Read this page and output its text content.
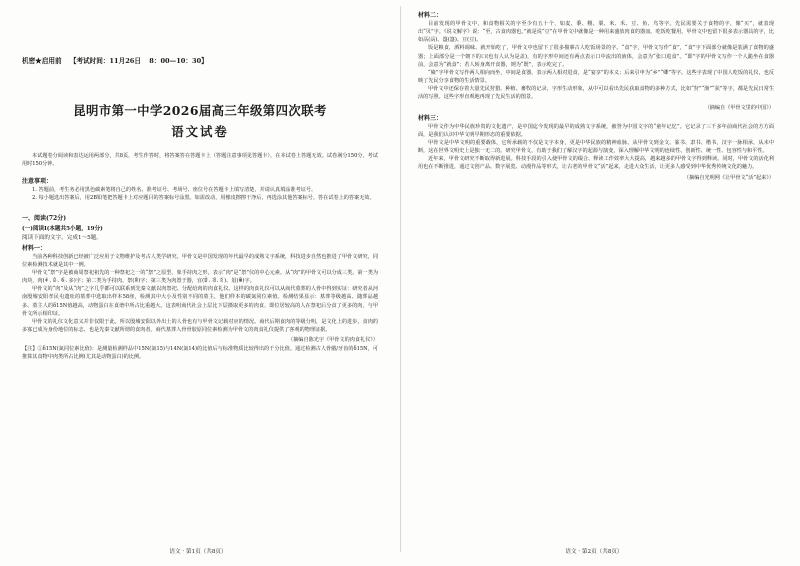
机密★启用前 【考试时间：11月26日 8：00—10：30】
昆明市第一中学2026届高三年级第四次联考
语文试卷

本试题卷分阅读和表达运用两部分，共8页，考生作答时，将答案答在答题卡上（答题注意事项见答题卡），在本试卷上答题无效。试卷满分150分，考试用时150分钟。

注意事项：

1. 答题前，考生务必用黑色碳素笔将自己的姓名、准考证号、考场号、座位号在答题卡上填写清楚，并请认真填涂准考证号。

2. 每小题选出答案后，用2B铅笔把答题卡上对应题目的答案标号涂黑。如需改动，用橡皮擦擦干净后，再选涂其他答案标号。答在试卷上的答案无效。

一、阅读(72分)
(一)阅读I(本题共5小题，19分)
阅读下面的文字，完成1～5题。
材料一：

当前各种科技创新已经被广泛应用于文物维护及考古人类学研究。甲骨文是中国发现的年代最早的成熟文字系统，科技进步自然也推进了甲骨文研究，同位素检测技术就是其中一例。

甲骨文“祭”字是被商周祭祀祖先的一种祭祀之一的“祭”之原型，象手持肉之形，表示“肉”是“祭”仪的中心元素。从“肉”的甲骨文可以分成三类。第一类为肉块，肉(ꈉ、ꉩ、ꊖ、多)字；第二类为手持肉，祭(ꋂ)字；第三类为肉置于器，宜(ꌁ、ꌃ、ꌅ)、俎(ꌆ)字。

甲骨文的“肉”及从“肉”之字几乎都可以联系到先秦文献以肉祭祀、分配给肉的肉食礼仪。这样的肉食礼仪可以从商代墓葬的人骨中得到实证：研究者从河南殷墟安阳孝民屯遗址的墓葬中选取出样本58座，检测其中大小及性别不同的墓主，他们样本的碳氮同位素值。检测结果显示：墓葬等级越高、随葬品越多、墓主人的δ15N值越高，动物蛋白在食谱中所占比重越大。这表明商代社会上层比下层摄取更多的肉食，即位居较高的人在祭祀后分食了更多的肉，与甲骨文所示相印证。

甲骨文的礼仪文化意义并非仅限于此。所以殷墟安阳以外出土的人骨也有与甲骨文记载对应的情况。商代后期食肉的等级分明，是文化上的进步，食肉的多寡已成为身份地位的标志，也是先秦文献所谓的食肉者。商代墓葬人骨骨胶原同位素检测为甲骨文的肉食礼仪提供了客观的物理证据。

（摘编自陈光宇《甲骨文的肉食礼仪》）

【注】①δ15N(氮同位素比值)：是测量检测样品中15N(氮15)与14N(氮14)的比值后与标准物质比较得出的千分比值。通过检测古人骨骼/牙齿的δ15N，可推算其食物中肉类所占比例(尤其是动物蛋白)的比例。

语文 · 第1页（共8页）
材料二：

目前发现的甲骨文中，和食物相关的字至少有五十个，如麦、黍、稷、粟、米、禾、豆、鱼、鸟等字。先民需要关于食物的字，像“买”，就表现出“贝”字。《说文解字》说：“至，古食肉器也。”就是说“豆”在甲骨文中就像是一种用来盛放肉食的器皿。吃饭吃餐用，甲骨文中也留下很多表示器具的字，比如鬲(鬲)、簋(簋)、豆(豆)。

饭是粮食，酒料调味、就开始吃了，甲骨文中也留下了很多描摹古人吃饭场景的字。“食”字，甲骨文写作“食”，“食”字下面部分就像是装满了食物的盛器；上面部分是一个朝下的口(也有人认为是盖)，有的字形中间还有两点表示口中流出的液体，会意为“张口进食”。“即”字的甲骨文写作一个人跪坐在食器前，会意为“就食”；若人转身离开食器，则为“既”，表示吃完了。

“飨”字甲骨文写作两人相向而坐，中间是食器，表示两人相对进食，是“宴享”的本义；后来引申为“乡”“卿”等字。这些字表现了中国人吃饭的礼仪，也反映了先民分享食物的生活情景。

甲骨文中还保存着大量先民狩猎、种植、畜牧的记录，字形生动形象，从中可以看出先民获取食物的多种方式，比如“狩”“渔”“获”等字，都是先民日常生活的写照。这些字形直观地再现了先民生活的图景。

（摘编自《甲骨文里的中国》）
材料三：

甲骨文作为中华民族珍贵的文化遗产，是中国迄今发现的最早的成熟文字系统，被誉为中国文字的“童年记忆”。它记录了三千多年前商代社会的方方面面，是我们认识中华文明早期形态的重要依据。

甲骨文是中华文明的重要载体，它所承载的不仅是文字本身，更是中华民族的精神血脉。从甲骨文到金文、篆书、隶书、楷书，汉字一脉相承，从未中断，这在世界文明史上是独一无二的。研究甲骨文，有助于我们了解汉字的起源与演变，深入理解中华文明的连续性、创新性、统一性、包容性与和平性。

近年来，甲骨文研究不断取得新进展。科技手段的引入使甲骨文的缀合、释读工作效率大大提高，越来越多的甲骨文字得到释读。同时，甲骨文的活化利用也在不断推进，通过文创产品、数字展览、动漫作品等形式，让古老的甲骨文“活”起来，走进大众生活，让更多人感受到中华优秀传统文化的魅力。

（摘编自光明网《让甲骨文“活”起来》）
语文 · 第2页（共8页）
